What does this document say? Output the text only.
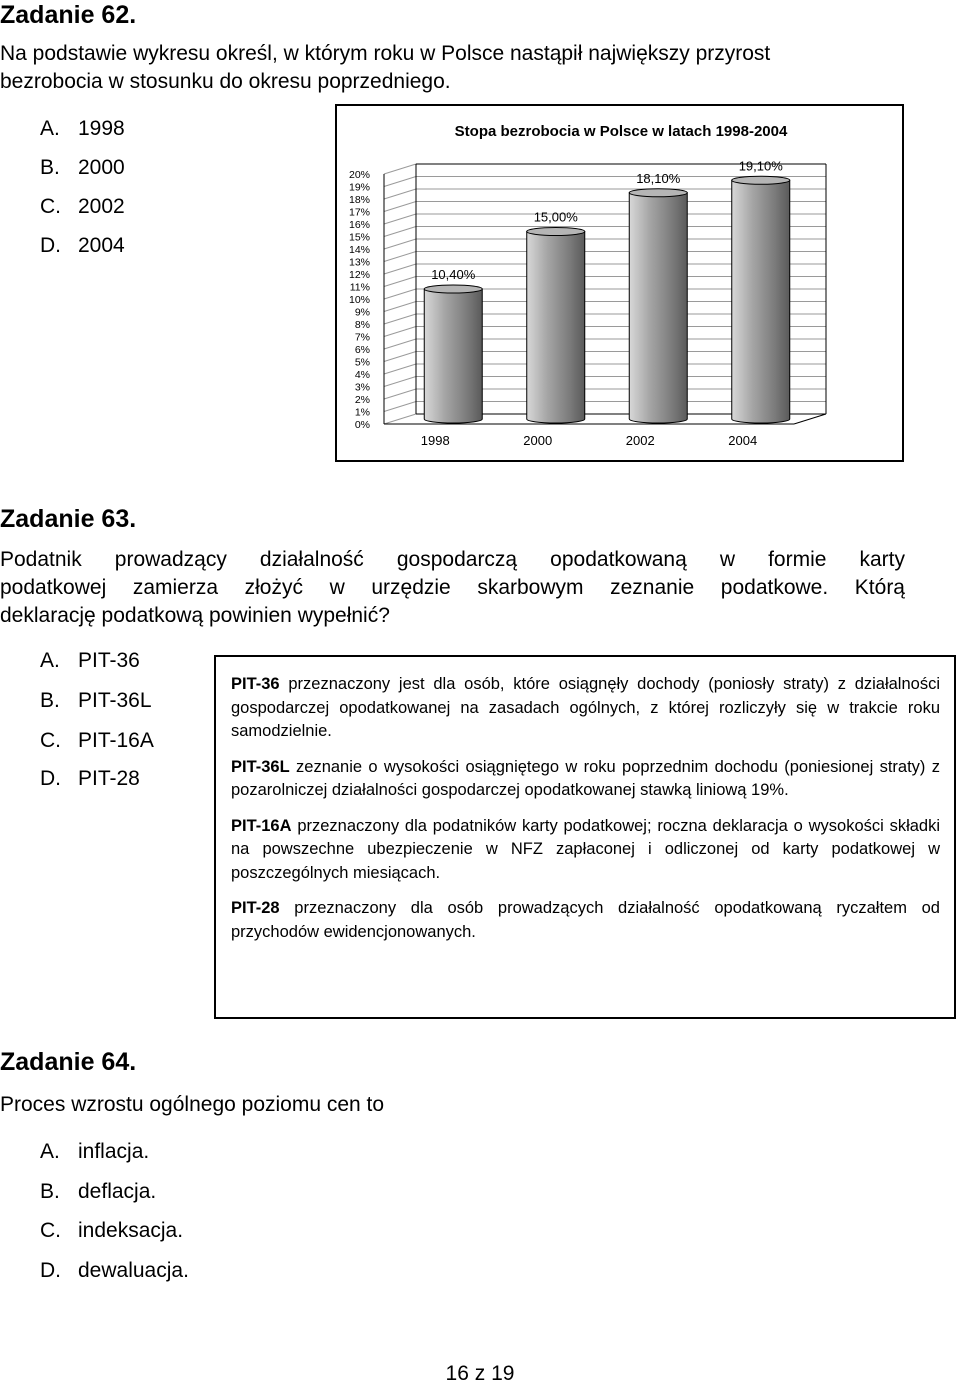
Zadanie 62.
Na podstawie wykresu określ, w którym roku w Polsce nastąpił największy przyrost
bezrobocia w stosunku do okresu poprzedniego.
A. 1998
B. 2000
C. 2002
D. 2004
0%
1%
2%
3%
4%
5%
6%
7%
8%
9%
10%
11%
12%
13%
14%
15%
16%
17%
18%
19%
20%
10,40%
15,00%
18,10%
19,10%
1998	2000	2002	2004
Stopa bezrobocia w Polsce w latach 1998-2004
Zadanie 63.
Podatnik prowadzący działalność gospodarczą opodatkowaną w formie karty
podatkowej zamierza złożyć w urzędzie skarbowym zeznanie podatkowe. Którą
deklarację podatkową powinien wypełnić?
A. PIT-36
B. PIT-36L
C. PIT-16A
D. PIT-28

PIT-36 przeznaczony jest dla osób, które osiągnęły dochody (poniosły straty) z działalności gospodarczej opodatkowanej na zasadach ogólnych, z której rozliczyły się w trakcie roku samodzielnie.

PIT-36L zeznanie o wysokości osiągniętego w roku poprzednim dochodu (poniesionej straty) z pozarolniczej działalności gospodarczej opodatkowanej stawką liniową 19%.

PIT-16A przeznaczony dla podatników karty podatkowej; roczna deklaracja o wysokości składki na powszechne ubezpieczenie w NFZ zapłaconej i odliczonej od karty podatkowej w poszczególnych miesiącach.

PIT-28 przeznaczony dla osób prowadzących działalność opodatkowaną ryczałtem od przychodów ewidencjonowanych.

Zadanie 64.
Proces wzrostu ogólnego poziomu cen to
A. inflacja.
B. deflacja.
C. indeksacja.
D. dewaluacja.
16 z 19
